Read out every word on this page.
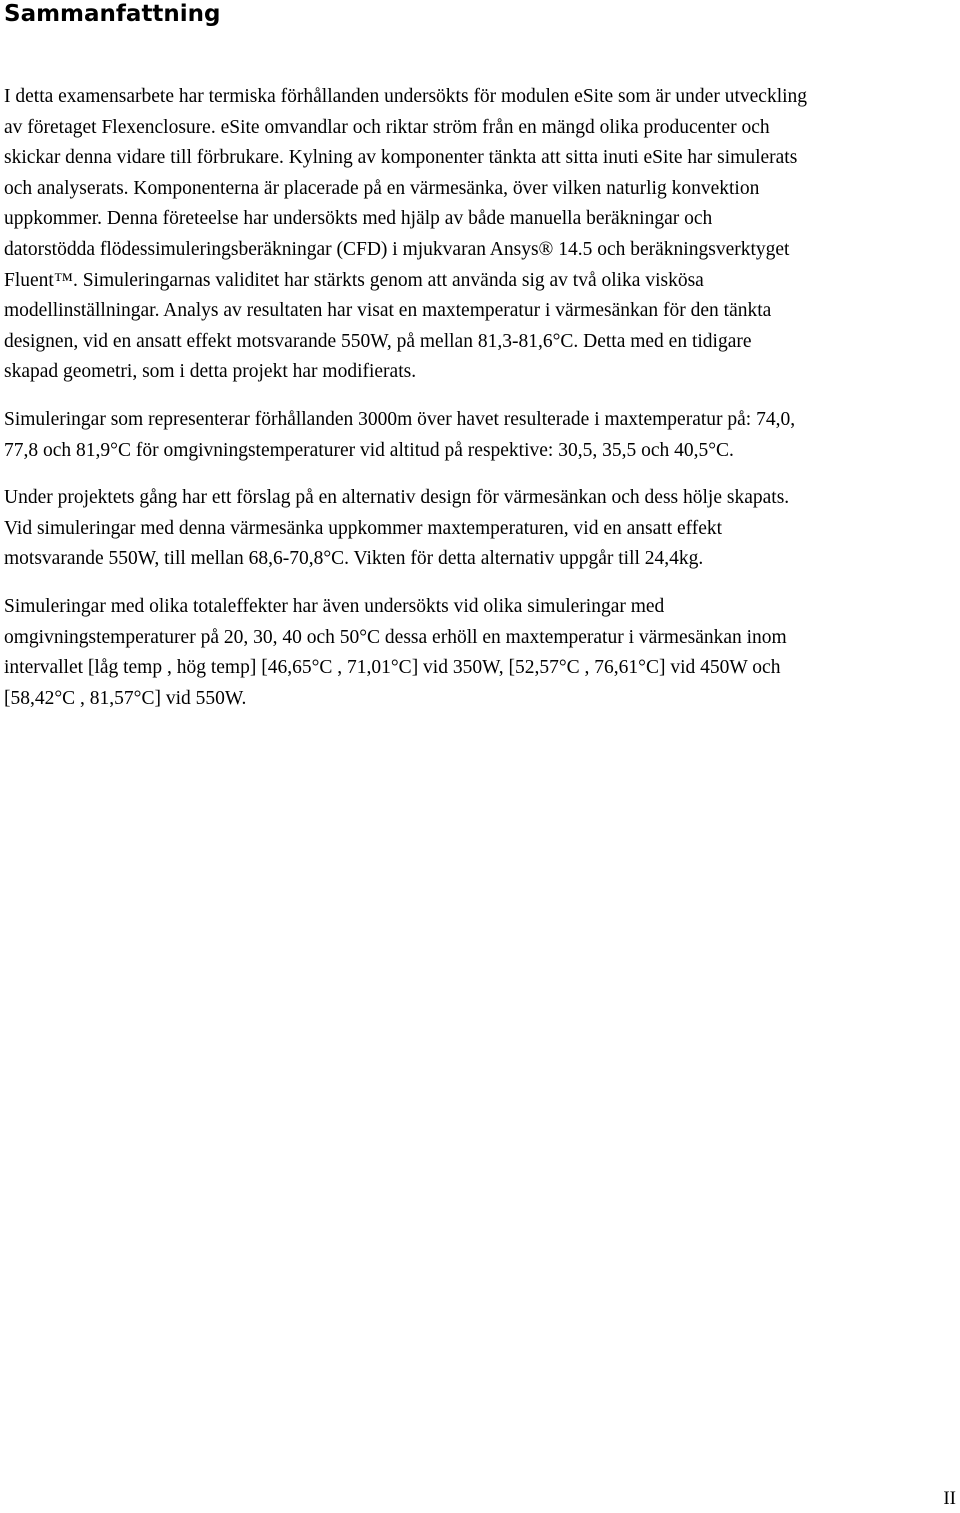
Sammanfattning
I detta examensarbete har termiska förhållanden undersökts för modulen eSite som är under utveckling
av företaget Flexenclosure. eSite omvandlar och riktar ström från en mängd olika producenter och
skickar denna vidare till förbrukare. Kylning av komponenter tänkta att sitta inuti eSite har simulerats
och analyserats. Komponenterna är placerade på en värmesänka, över vilken naturlig konvektion
uppkommer. Denna företeelse har undersökts med hjälp av både manuella beräkningar och
datorstödda flödessimuleringsberäkningar (CFD) i mjukvaran Ansys® 14.5 och beräkningsverktyget
Fluent™. Simuleringarnas validitet har stärkts genom att använda sig av två olika viskösa
modellinställningar. Analys av resultaten har visat en maxtemperatur i värmesänkan för den tänkta
designen, vid en ansatt effekt motsvarande 550W, på mellan 81,3-81,6°C. Detta med en tidigare
skapad geometri, som i detta projekt har modifierats.
Simuleringar som representerar förhållanden 3000m över havet resulterade i maxtemperatur på: 74,0,
77,8 och 81,9°C för omgivningstemperaturer vid altitud på respektive: 30,5, 35,5 och 40,5°C.
Under projektets gång har ett förslag på en alternativ design för värmesänkan och dess hölje skapats.
Vid simuleringar med denna värmesänka uppkommer maxtemperaturen, vid en ansatt effekt
motsvarande 550W, till mellan 68,6-70,8°C. Vikten för detta alternativ uppgår till 24,4kg.
Simuleringar med olika totaleffekter har även undersökts vid olika simuleringar med
omgivningstemperaturer på 20, 30, 40 och 50°C dessa erhöll en maxtemperatur i värmesänkan inom
intervallet [låg temp , hög temp] [46,65°C , 71,01°C] vid 350W, [52,57°C , 76,61°C] vid 450W och
[58,42°C , 81,57°C] vid 550W.
II
